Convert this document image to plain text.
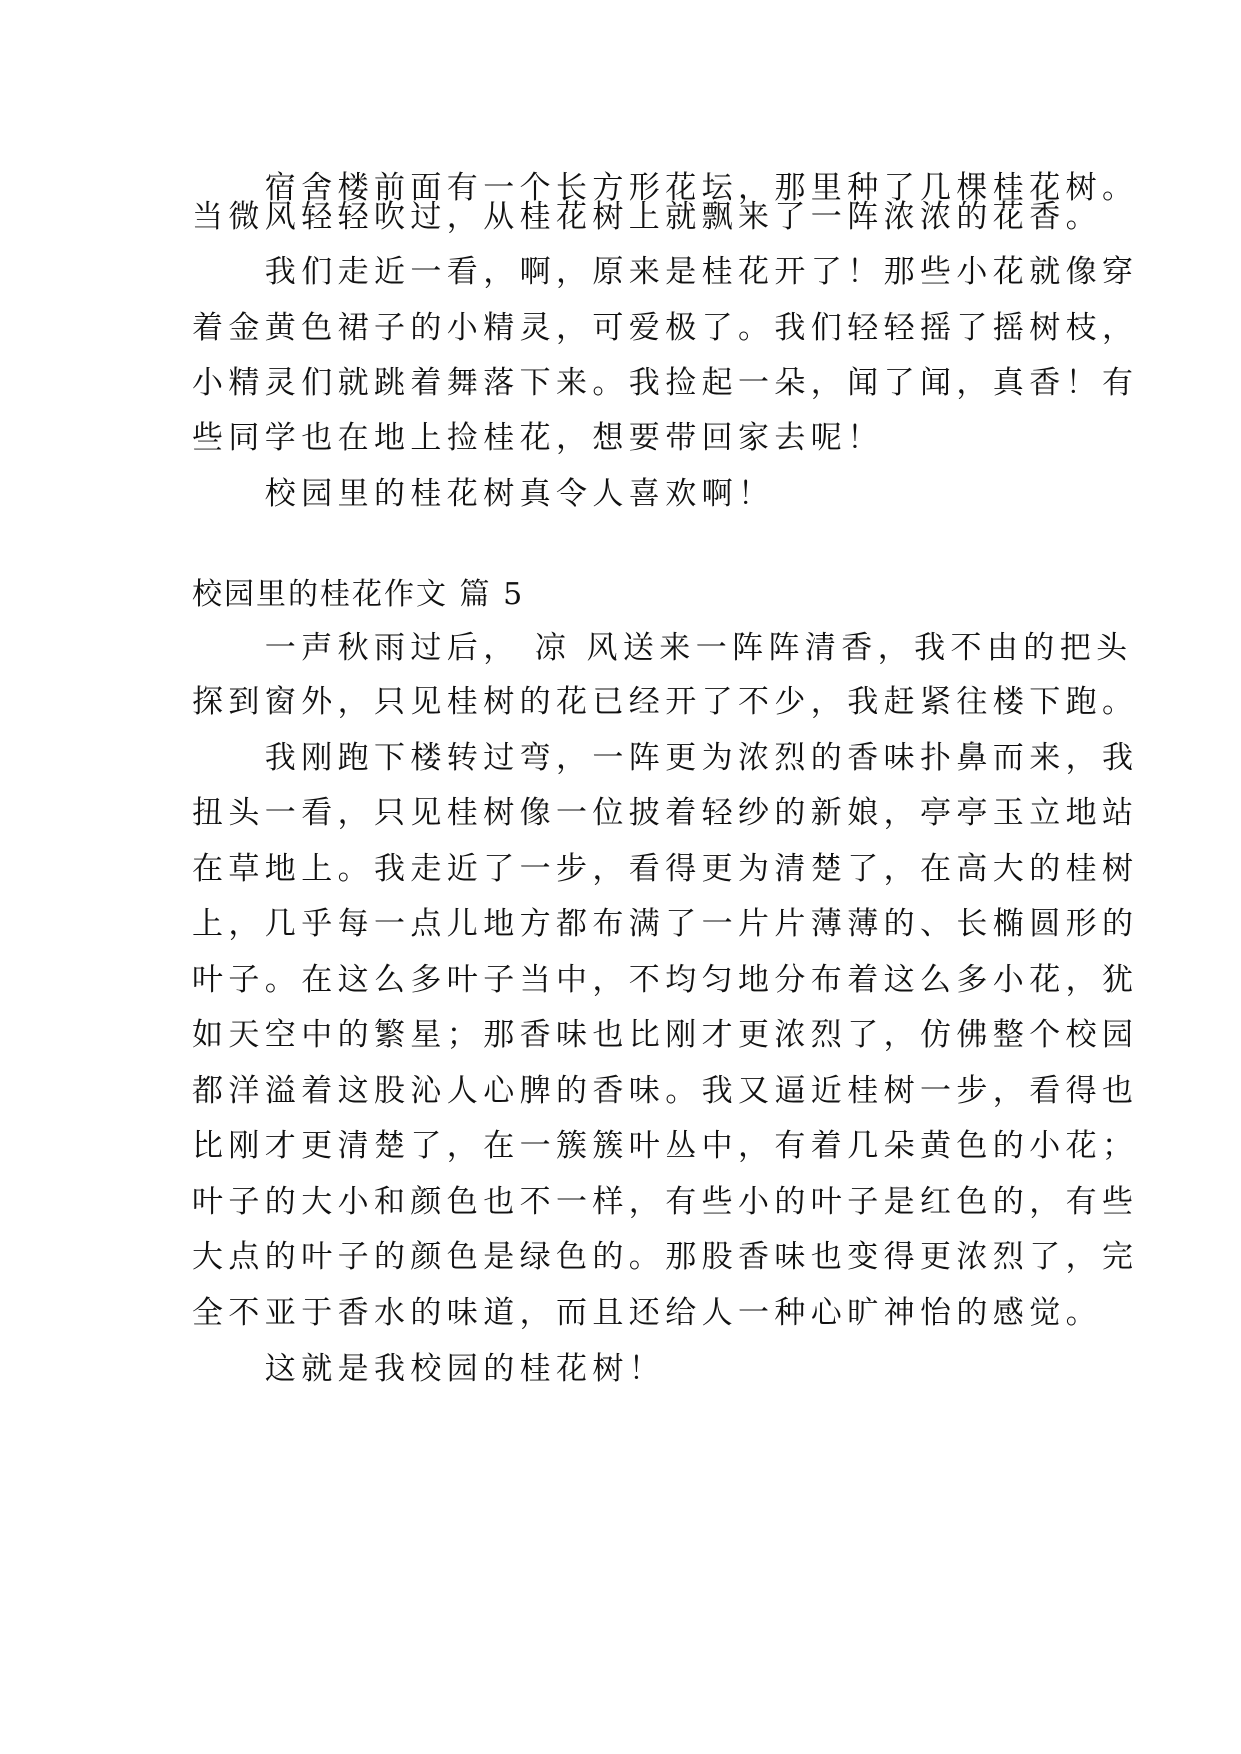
　　宿舍楼前面有一个长方形花坛，那里种了几棵桂花树。
当微风轻轻吹过，从桂花树上就飘来了一阵浓浓的花香。
　　我们走近一看，啊，原来是桂花开了！那些小花就像穿
着金黄色裙子的小精灵，可爱极了。我们轻轻摇了摇树枝，
小精灵们就跳着舞落下来。我捡起一朵，闻了闻，真香！有
些同学也在地上捡桂花，想要带回家去呢！
　　校园里的桂花树真令人喜欢啊！
校园里的桂花作文 篇 5
　　一声秋雨过后， 凉 风送来一阵阵清香，我不由的把头
探到窗外，只见桂树的花已经开了不少，我赶紧往楼下跑。
　　我刚跑下楼转过弯，一阵更为浓烈的香味扑鼻而来，我
扭头一看，只见桂树像一位披着轻纱的新娘，亭亭玉立地站
在草地上。我走近了一步，看得更为清楚了，在高大的桂树
上，几乎每一点儿地方都布满了一片片薄薄的、长椭圆形的
叶子。在这么多叶子当中，不均匀地分布着这么多小花，犹
如天空中的繁星；那香味也比刚才更浓烈了，仿佛整个校园
都洋溢着这股沁人心脾的香味。我又逼近桂树一步，看得也
比刚才更清楚了，在一簇簇叶丛中，有着几朵黄色的小花；
叶子的大小和颜色也不一样，有些小的叶子是红色的，有些
大点的叶子的颜色是绿色的。那股香味也变得更浓烈了，完
全不亚于香水的味道，而且还给人一种心旷神怡的感觉。
　　这就是我校园的桂花树！
